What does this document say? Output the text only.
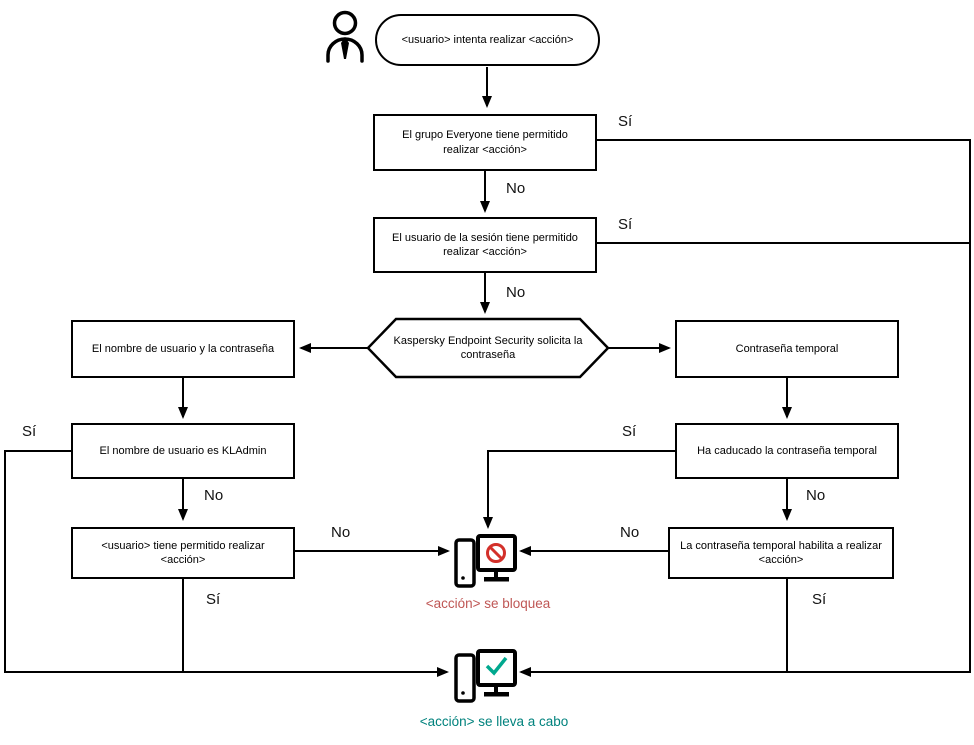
<usuario> intenta realizar <acción>
El grupo Everyone tiene permitido realizar <acción>
El usuario de la sesión tiene permitido realizar <acción>
Kaspersky Endpoint Security solicita la contraseña
El nombre de usuario y la contraseña
El nombre de usuario es KLAdmin
<usuario> tiene permitido realizar <acción>
Contraseña temporal
Ha caducado la contraseña temporal
La contraseña temporal habilita a realizar <acción>
Sí
No
Sí
No
Sí
No
No
Sí
Sí
No
No
Sí
<acción> se bloquea
<acción> se lleva a cabo
